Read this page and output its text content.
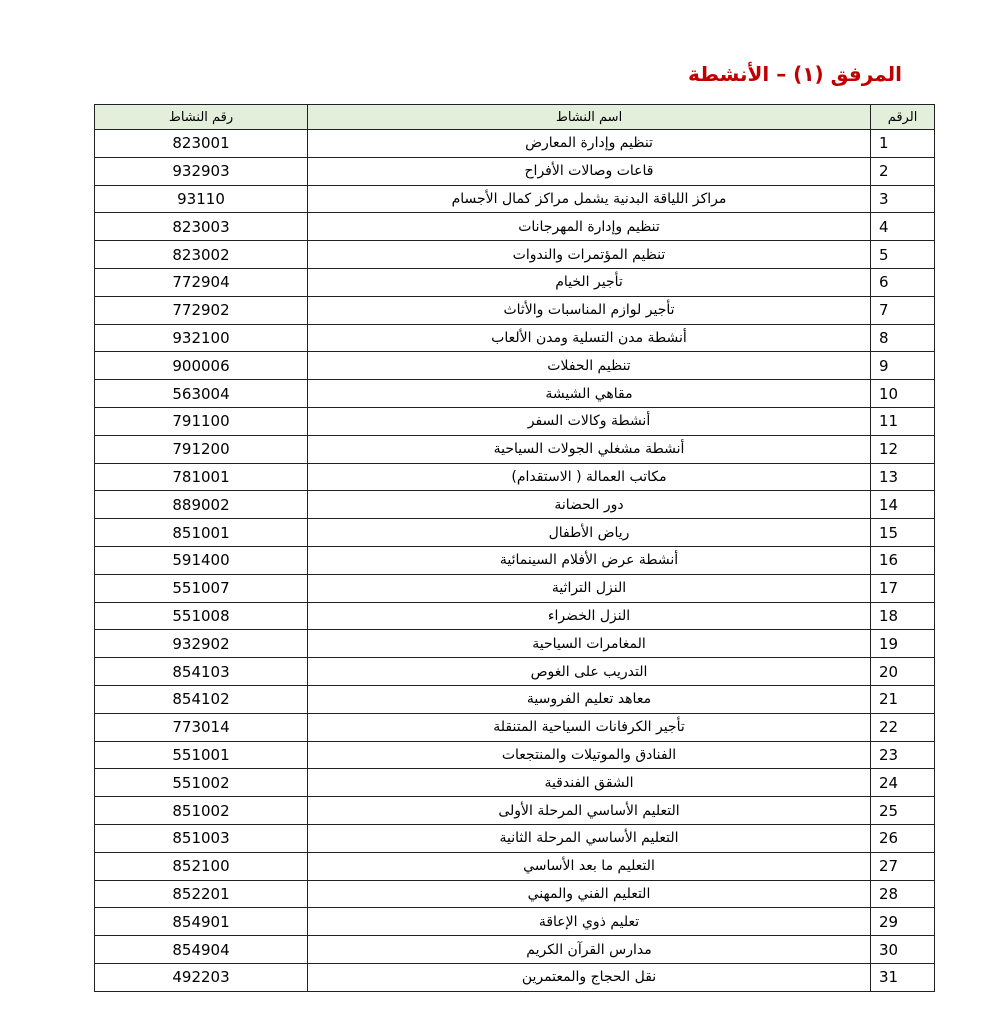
المرفق (١) – الأنشطة
رقم النشاط	اسم النشاط	الرقم
823001	تنظيم وإدارة المعارض	1
932903	قاعات وصالات الأفراح	2
93110	مراكز اللياقة البدنية يشمل مراكز كمال الأجسام	3
823003	تنظيم وإدارة المهرجانات	4
823002	تنظيم المؤتمرات والندوات	5
772904	تأجير الخيام	6
772902	تأجير لوازم المناسبات والأثاث	7
932100	أنشطة مدن التسلية ومدن الألعاب	8
900006	تنظيم الحفلات	9
563004	مقاهي الشيشة	10
791100	أنشطة وكالات السفر	11
791200	أنشطة مشغلي الجولات السياحية	12
781001	مكاتب العمالة ( الاستقدام)	13
889002	دور الحضانة	14
851001	رياض الأطفال	15
591400	أنشطة عرض الأفلام السينمائية	16
551007	النزل التراثية	17
551008	النزل الخضراء	18
932902	المغامرات السياحية	19
854103	التدريب على الغوص	20
854102	معاهد تعليم الفروسية	21
773014	تأجير الكرفانات السياحية المتنقلة	22
551001	الفنادق والموتيلات والمنتجعات	23
551002	الشقق الفندقية	24
851002	التعليم الأساسي المرحلة الأولى	25
851003	التعليم الأساسي المرحلة الثانية	26
852100	التعليم ما بعد الأساسي	27
852201	التعليم الفني والمهني	28
854901	تعليم ذوي الإعاقة	29
854904	مدارس القرآن الكريم	30
492203	نقل الحجاج والمعتمرين	31
